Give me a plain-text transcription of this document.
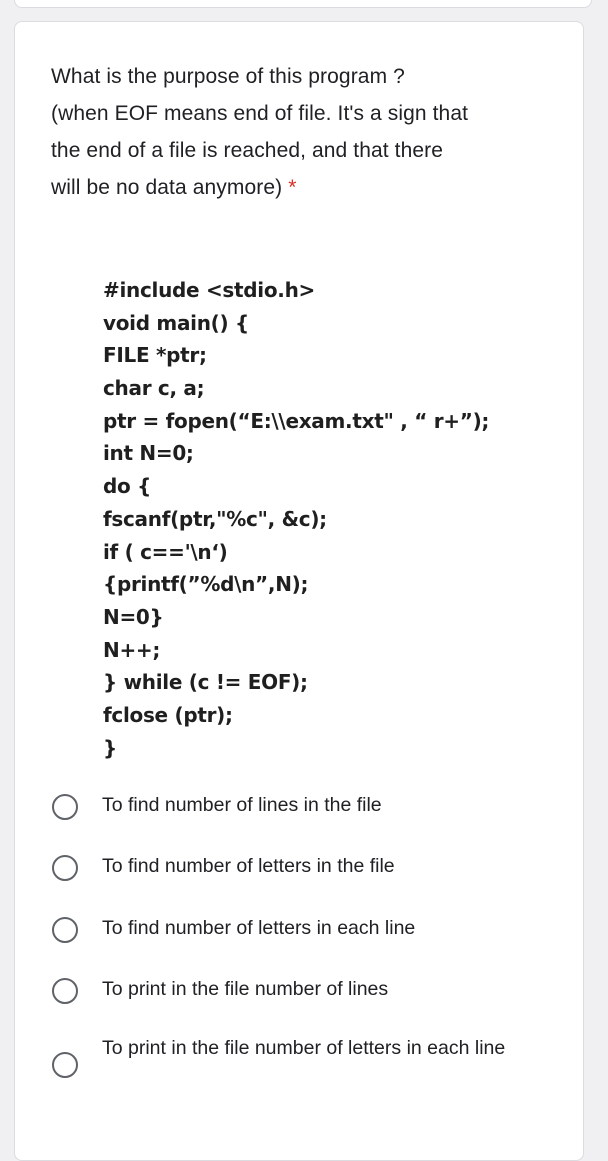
What is the purpose of this program ?
(when EOF means end of file. It's a sign that
the end of a file is reached, and that there
will be no data anymore) *
#include <stdio.h>
void main() {
FILE *ptr;
char c, a;
ptr = fopen(“E:\\exam.txt" , “ r+”);
int N=0;
do {
fscanf(ptr,"%c", &c);
if ( c=='\n‘)
{printf(”%d\n”,N);
N=0}
N++;
} while (c != EOF);
fclose (ptr);
}
To find number of lines in the file
To find number of letters in the file
To find number of letters in each line
To print in the file number of lines
To print in the file number of letters in each line
